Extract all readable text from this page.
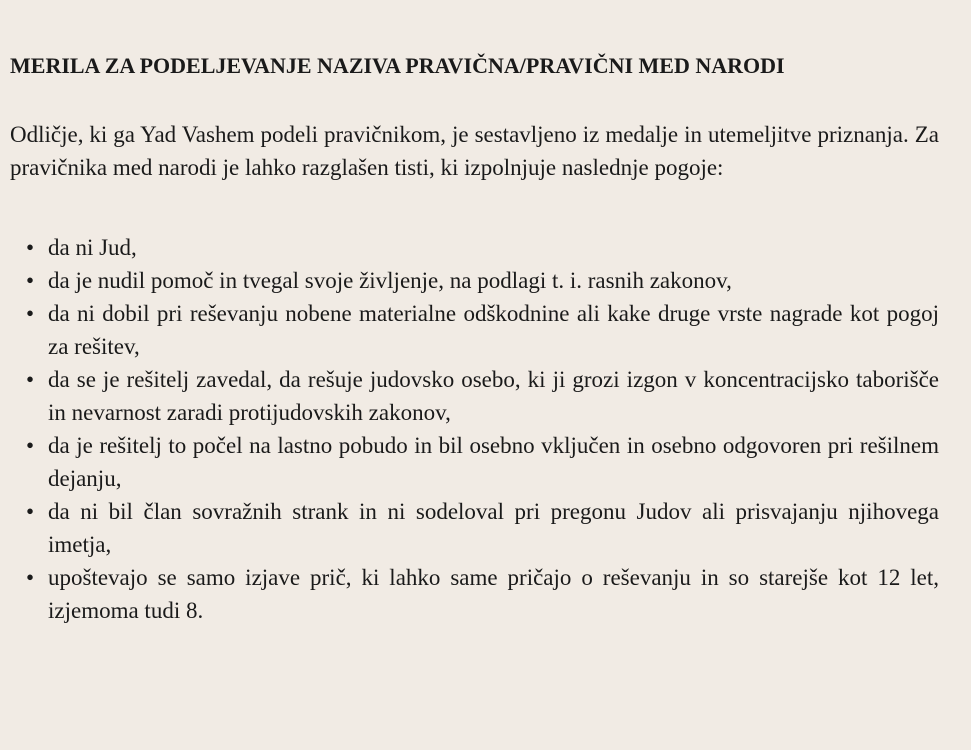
MERILA ZA PODELJEVANJE NAZIVA PRAVIČNA/PRAVIČNI MED NARODI

Odličje, ki ga Yad Vashem podeli pravičnikom, je sestavljeno iz medalje in utemeljitve priznanja. Za pravičnika med narodi je lahko razglašen tisti, ki izpolnjuje naslednje pogoje:

• da ni Jud,
• da je nudil pomoč in tvegal svoje življenje, na podlagi t. i. rasnih zakonov,
• da ni dobil pri reševanju nobene materialne odškodnine ali kake druge vrste nagrade kot pogoj za rešitev,
• da se je rešitelj zavedal, da rešuje judovsko osebo, ki ji grozi izgon v koncentracijsko taborišče in nevarnost zaradi protijudovskih zakonov,
• da je rešitelj to počel na lastno pobudo in bil osebno vključen in osebno odgovoren pri rešilnem dejanju,
• da ni bil član sovražnih strank in ni sodeloval pri pregonu Judov ali prisvajanju njihovega imetja,
• upoštevajo se samo izjave prič, ki lahko same pričajo o reševanju in so starejše kot 12 let, izjemoma tudi 8.
